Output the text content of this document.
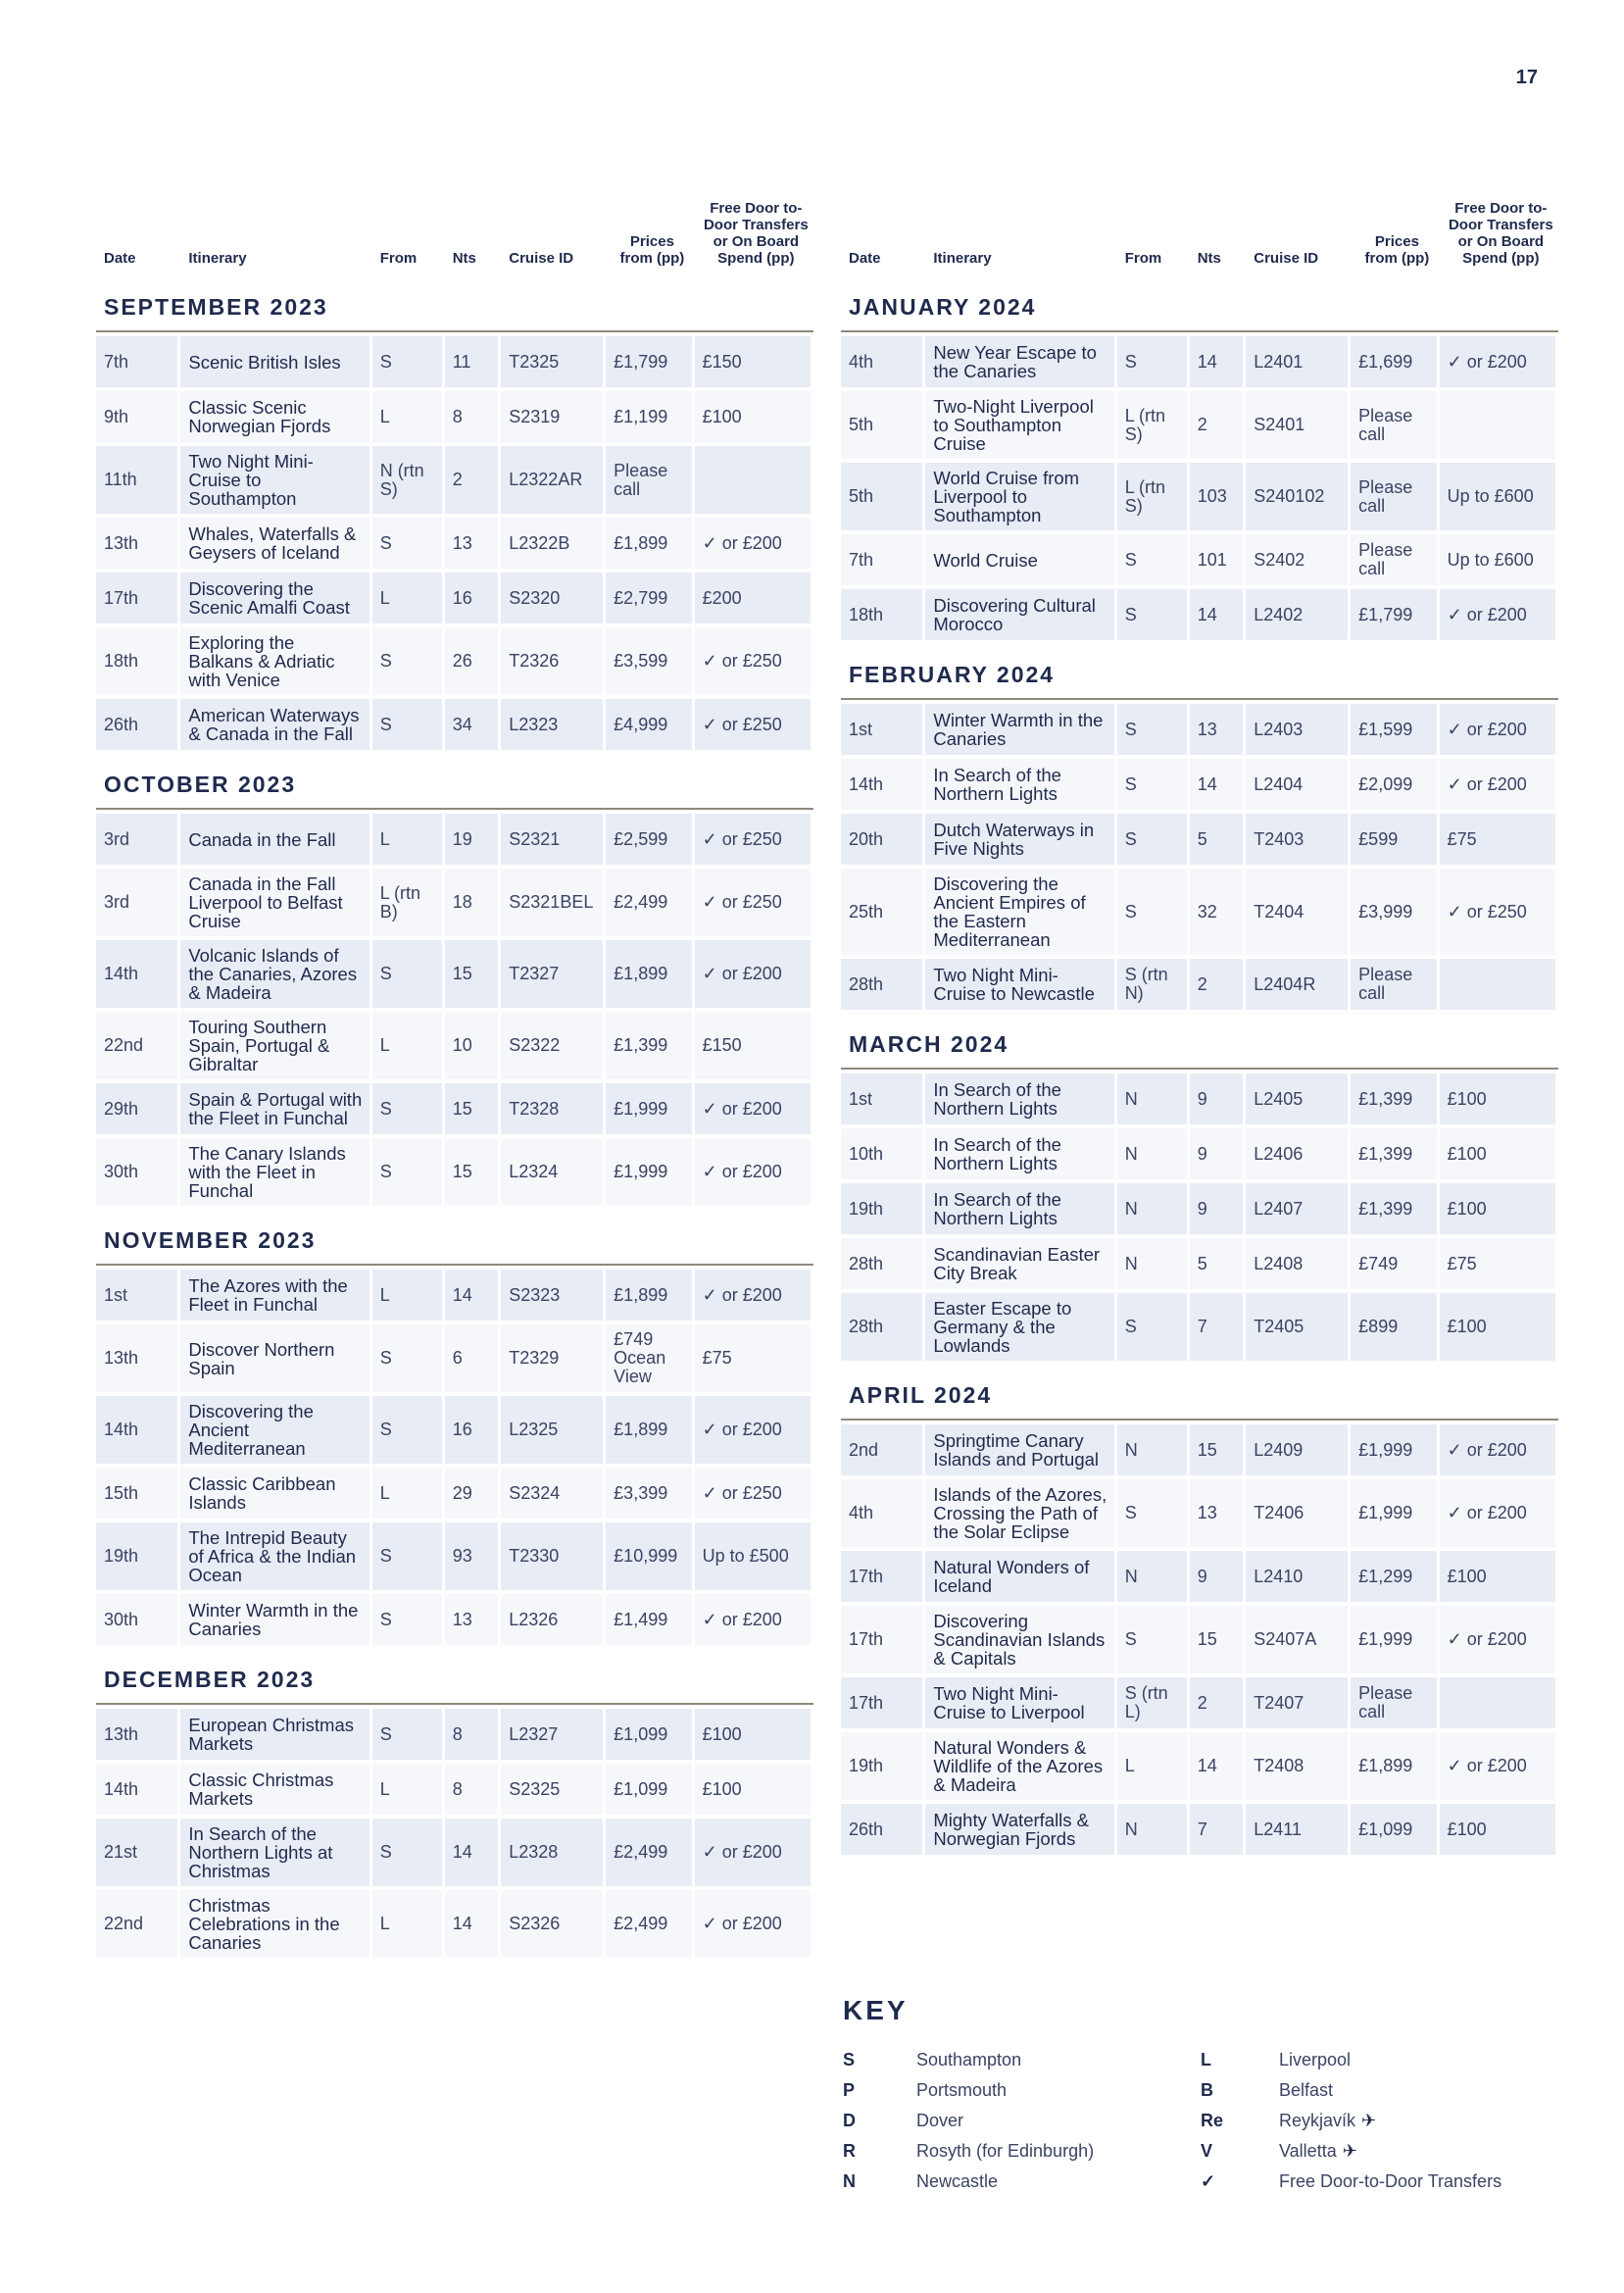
17
Date	Itinerary	From	Nts	Cruise ID	Prices from (pp)	Free Door to-Door Transfers or On Board Spend (pp)
SEPTEMBER 2023						
7th	Scenic British Isles	S	11	T2325	£1,799	£150
9th	Classic Scenic Norwegian Fjords	L	8	S2319	£1,199	£100
11th	Two Night Mini-Cruise to Southampton	N (rtn S)	2	L2322AR	Please call	
13th	Whales, Waterfalls & Geysers of Iceland	S	13	L2322B	£1,899	✓ or £200
17th	Discovering the Scenic Amalfi Coast	L	16	S2320	£2,799	£200
18th	Exploring the Balkans & Adriatic with Venice	S	26	T2326	£3,599	✓ or £250
26th	American Waterways & Canada in the Fall	S	34	L2323	£4,999	✓ or £250
OCTOBER 2023						
3rd	Canada in the Fall	L	19	S2321	£2,599	✓ or £250
3rd	Canada in the Fall Liverpool to Belfast Cruise	L (rtn B)	18	S2321BEL	£2,499	✓ or £250
14th	Volcanic Islands of the Canaries, Azores & Madeira	S	15	T2327	£1,899	✓ or £200
22nd	Touring Southern Spain, Portugal & Gibraltar	L	10	S2322	£1,399	£150
29th	Spain & Portugal with the Fleet in Funchal	S	15	T2328	£1,999	✓ or £200
30th	The Canary Islands with the Fleet in Funchal	S	15	L2324	£1,999	✓ or £200
NOVEMBER 2023						
1st	The Azores with the Fleet in Funchal	L	14	S2323	£1,899	✓ or £200
13th	Discover Northern Spain	S	6	T2329	£749 Ocean View	£75
14th	Discovering the Ancient Mediterranean	S	16	L2325	£1,899	✓ or £200
15th	Classic Caribbean Islands	L	29	S2324	£3,399	✓ or £250
19th	The Intrepid Beauty of Africa & the Indian Ocean	S	93	T2330	£10,999	Up to £500
30th	Winter Warmth in the Canaries	S	13	L2326	£1,499	✓ or £200
DECEMBER 2023						
13th	European Christmas Markets	S	8	L2327	£1,099	£100
14th	Classic Christmas Markets	L	8	S2325	£1,099	£100
21st	In Search of the Northern Lights at Christmas	S	14	L2328	£2,499	✓ or £200
22nd	Christmas Celebrations in the Canaries	L	14	S2326	£2,499	✓ or £200
Date	Itinerary	From	Nts	Cruise ID	Prices from (pp)	Free Door to-Door Transfers or On Board Spend (pp)
JANUARY 2024						
4th	New Year Escape to the Canaries	S	14	L2401	£1,699	✓ or £200
5th	Two-Night Liverpool to Southampton Cruise	L (rtn S)	2	S2401	Please call	
5th	World Cruise from Liverpool to Southampton	L (rtn S)	103	S240102	Please call	Up to £600
7th	World Cruise	S	101	S2402	Please call	Up to £600
18th	Discovering Cultural Morocco	S	14	L2402	£1,799	✓ or £200
FEBRUARY 2024						
1st	Winter Warmth in the Canaries	S	13	L2403	£1,599	✓ or £200
14th	In Search of the Northern Lights	S	14	L2404	£2,099	✓ or £200
20th	Dutch Waterways in Five Nights	S	5	T2403	£599	£75
25th	Discovering the Ancient Empires of the Eastern Mediterranean	S	32	T2404	£3,999	✓ or £250
28th	Two Night Mini-Cruise to Newcastle	S (rtn N)	2	L2404R	Please call	
MARCH 2024						
1st	In Search of the Northern Lights	N	9	L2405	£1,399	£100
10th	In Search of the Northern Lights	N	9	L2406	£1,399	£100
19th	In Search of the Northern Lights	N	9	L2407	£1,399	£100
28th	Scandinavian Easter City Break	N	5	L2408	£749	£75
28th	Easter Escape to Germany & the Lowlands	S	7	T2405	£899	£100
APRIL 2024						
2nd	Springtime Canary Islands and Portugal	N	15	L2409	£1,999	✓ or £200
4th	Islands of the Azores, Crossing the Path of the Solar Eclipse	S	13	T2406	£1,999	✓ or £200
17th	Natural Wonders of Iceland	N	9	L2410	£1,299	£100
17th	Discovering Scandinavian Islands & Capitals	S	15	S2407A	£1,999	✓ or £200
17th	Two Night Mini-Cruise to Liverpool	S (rtn L)	2	T2407	Please call	
19th	Natural Wonders & Wildlife of the Azores & Madeira	L	14	T2408	£1,899	✓ or £200
26th	Mighty Waterfalls & Norwegian Fjords	N	7	L2411	£1,099	£100
KEY
S	Southampton	L	Liverpool
P	Portsmouth	B	Belfast
D	Dover	Re	Reykjavík ✈
R	Rosyth (for Edinburgh)	V	Valletta ✈
N	Newcastle	✓	Free Door-to-Door Transfers
